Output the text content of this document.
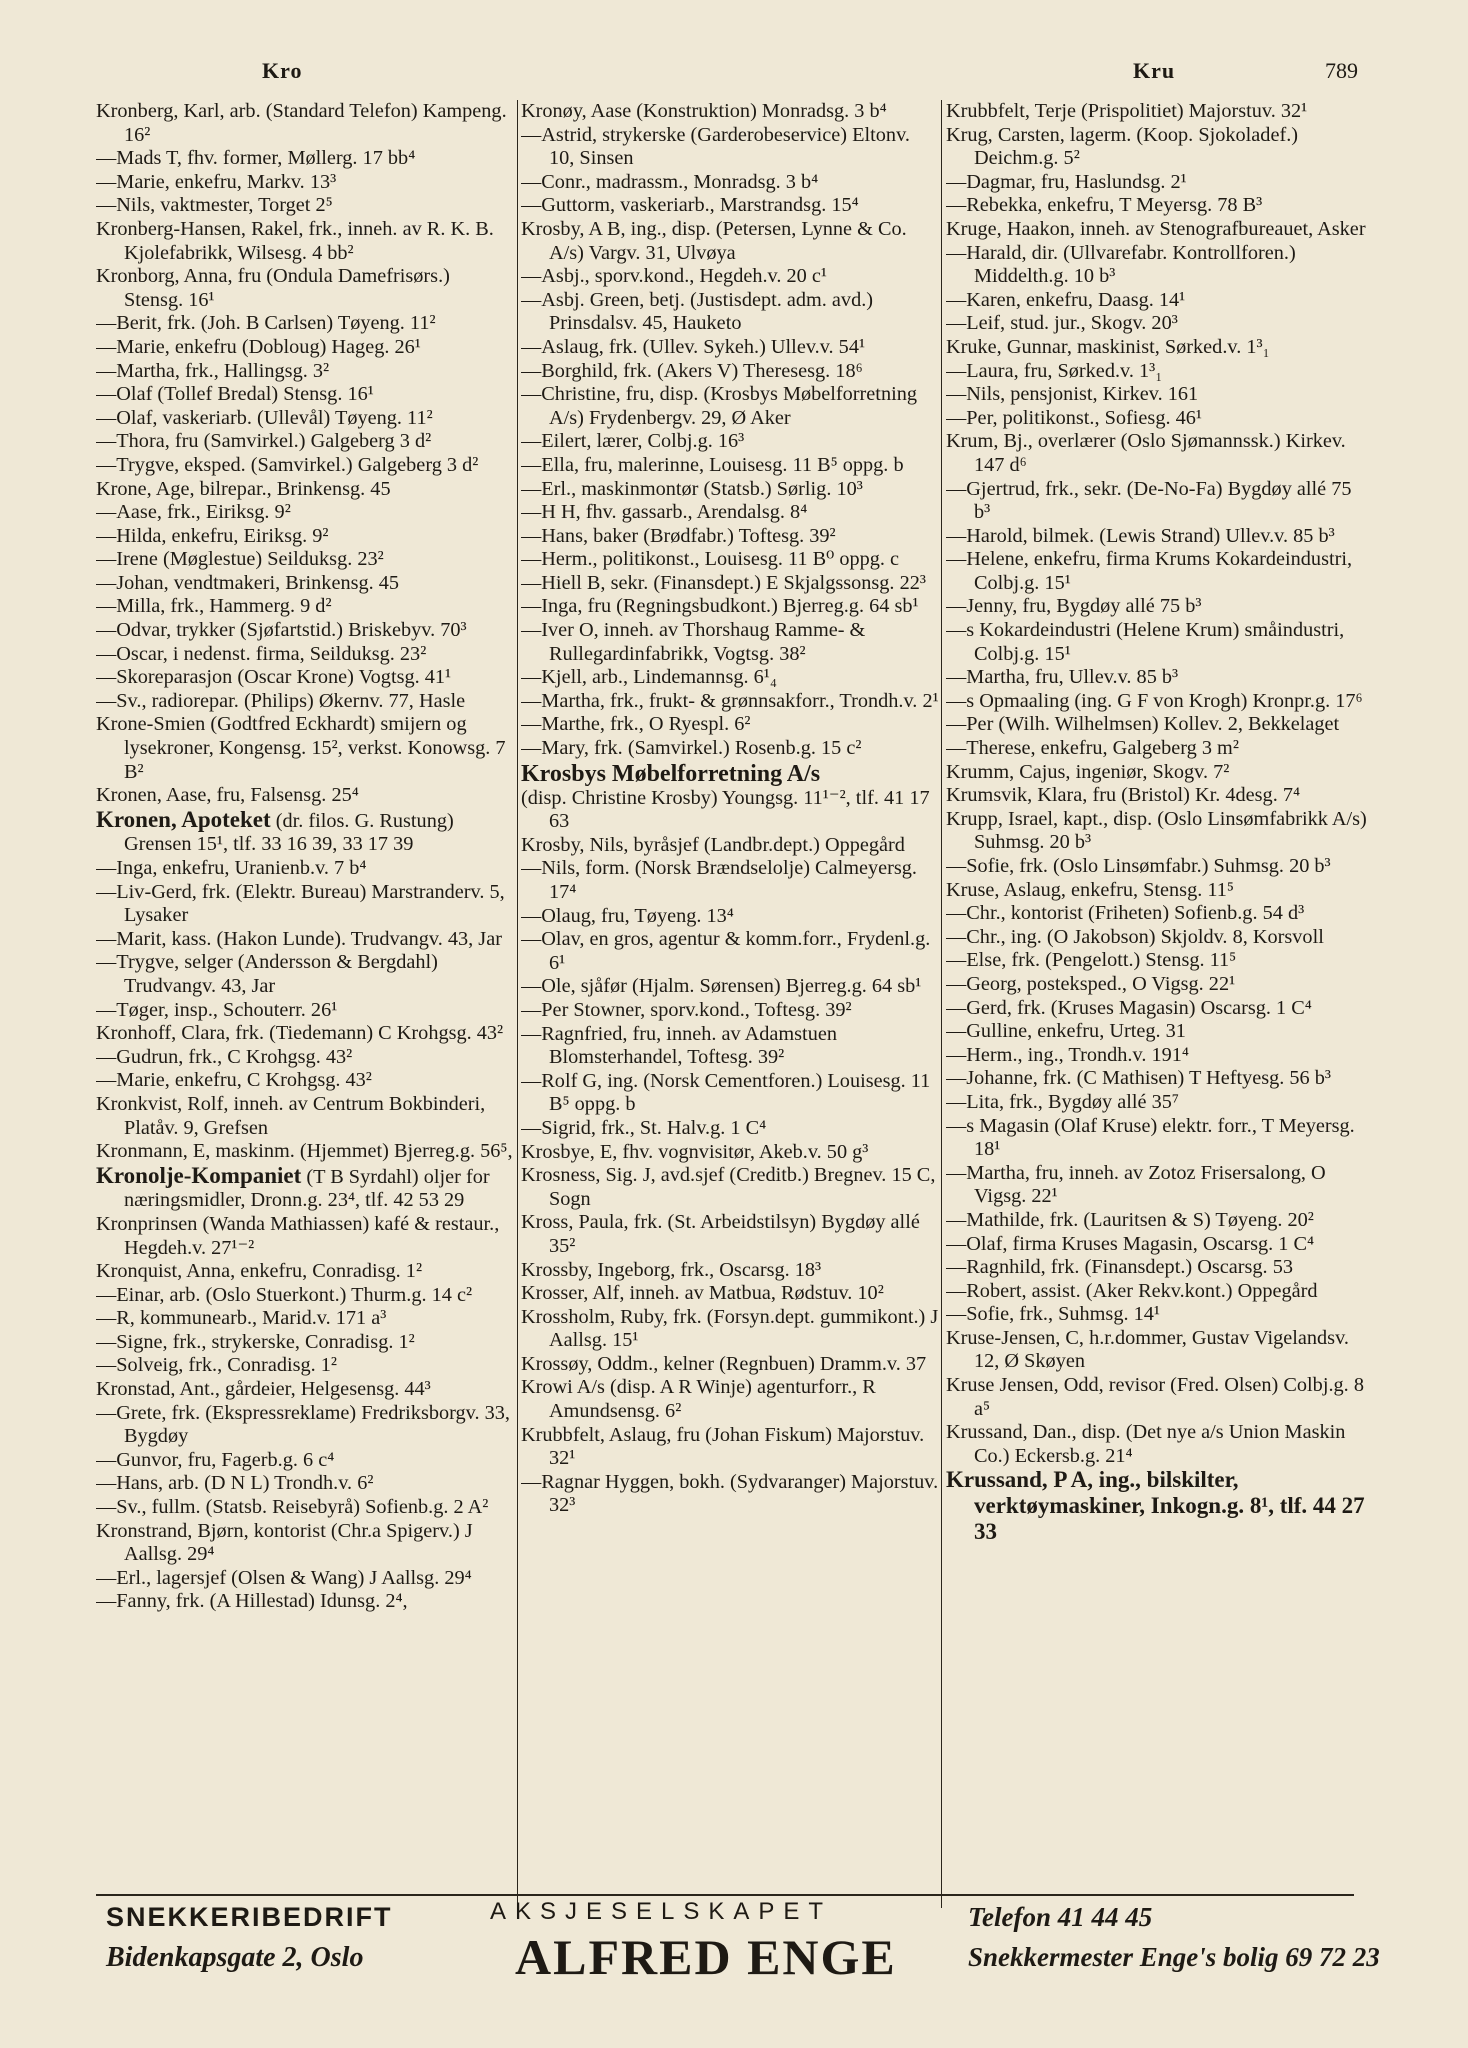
Kro	Kru	789
Kronberg, Karl, arb. (Standard Telefon) Kampeng. 16²
—Mads T, fhv. former, Møllerg. 17 bb⁴
—Marie, enkefru, Markv. 13³
—Nils, vaktmester, Torget 2⁵
Kronberg-Hansen, Rakel, frk., inneh. av R. K. B. Kjolefabrikk, Wilsesg. 4 bb²
Kronborg, Anna, fru (Ondula Damefrisørs.) Stensg. 16¹
—Berit, frk. (Joh. B Carlsen) Tøyeng. 11²
—Marie, enkefru (Dobloug) Hageg. 26¹
—Martha, frk., Hallingsg. 3²
—Olaf (Tollef Bredal) Stensg. 16¹
—Olaf, vaskeriarb. (Ullevål) Tøyeng. 11²
—Thora, fru (Samvirkel.) Galgeberg 3 d²
—Trygve, eksped. (Samvirkel.) Galgeberg 3 d²
Krone, Age, bilrepar., Brinkensg. 45
—Aase, frk., Eiriksg. 9²
—Hilda, enkefru, Eiriksg. 9²
—Irene (Møglestue) Seilduksg. 23²
—Johan, vendtmakeri, Brinkensg. 45
—Milla, frk., Hammerg. 9 d²
—Odvar, trykker (Sjøfartstid.) Briskebyv. 70³
—Oscar, i nedenst. firma, Seilduksg. 23²
—Skoreparasjon (Oscar Krone) Vogtsg. 41¹
—Sv., radiorepar. (Philips) Økernv. 77, Hasle
Krone-Smien (Godtfred Eckhardt) smijern og lysekroner, Kongensg. 15², verkst. Konowsg. 7 B²
Kronen, Aase, fru, Falsensg. 25⁴
Kronen, Apoteket (dr. filos. G. Rustung) Grensen 15¹, tlf. 33 16 39, 33 17 39
—Inga, enkefru, Uranienb.v. 7 b⁴
—Liv-Gerd, frk. (Elektr. Bureau) Marstranderv. 5, Lysaker
—Marit, kass. (Hakon Lunde). Trudvangv. 43, Jar
—Trygve, selger (Andersson & Bergdahl) Trudvangv. 43, Jar
—Tøger, insp., Schouterr. 26¹
Kronhoff, Clara, frk. (Tiedemann) C Krohgsg. 43²
—Gudrun, frk., C Krohgsg. 43²
—Marie, enkefru, C Krohgsg. 43²
Kronkvist, Rolf, inneh. av Centrum Bokbinderi, Platåv. 9, Grefsen
Kronmann, E, maskinm. (Hjemmet) Bjerreg.g. 56⁵,
Kronolje-Kompaniet (T B Syrdahl) oljer for næringsmidler, Dronn.g. 23⁴, tlf. 42 53 29
Kronprinsen (Wanda Mathiassen) kafé & restaur., Hegdeh.v. 27¹⁻²
Kronquist, Anna, enkefru, Conradisg. 1²
—Einar, arb. (Oslo Stuerkont.) Thurm.g. 14 c²
—R, kommunearb., Marid.v. 171 a³
—Signe, frk., strykerske, Conradisg. 1²
—Solveig, frk., Conradisg. 1²
Kronstad, Ant., gårdeier, Helgesensg. 44³
—Grete, frk. (Ekspressreklame) Fredriksborgv. 33, Bygdøy
—Gunvor, fru, Fagerb.g. 6 c⁴
—Hans, arb. (D N L) Trondh.v. 6²
—Sv., fullm. (Statsb. Reisebyrå) Sofienb.g. 2 A²
Kronstrand, Bjørn, kontorist (Chr.a Spigerv.) J Aallsg. 29⁴
—Erl., lagersjef (Olsen & Wang) J Aallsg. 29⁴
—Fanny, frk. (A Hillestad) Idunsg. 2⁴,
Kronøy, Aase (Konstruktion) Monradsg. 3 b⁴
—Astrid, strykerske (Garderobeservice) Eltonv. 10, Sinsen
—Conr., madrassm., Monradsg. 3 b⁴
—Guttorm, vaskeriarb., Marstrandsg. 15⁴
Krosby, A B, ing., disp. (Petersen, Lynne & Co. A/s) Vargv. 31, Ulvøya
—Asbj., sporv.kond., Hegdeh.v. 20 c¹
—Asbj. Green, betj. (Justisdept. adm. avd.) Prinsdalsv. 45, Hauketo
—Aslaug, frk. (Ullev. Sykeh.) Ullev.v. 54¹
—Borghild, frk. (Akers V) Theresesg. 18⁶
—Christine, fru, disp. (Krosbys Møbelforretning A/s) Frydenbergv. 29, Ø Aker
—Eilert, lærer, Colbj.g. 16³
—Ella, fru, malerinne, Louisesg. 11 B⁵ oppg. b
—Erl., maskinmontør (Statsb.) Sørlig. 10³
—H H, fhv. gassarb., Arendalsg. 8⁴
—Hans, baker (Brødfabr.) Toftesg. 39²
—Herm., politikonst., Louisesg. 11 B⁰ oppg. c
—Hiell B, sekr. (Finansdept.) E Skjalgssonsg. 22³
—Inga, fru (Regningsbudkont.) Bjerreg.g. 64 sb¹
—Iver O, inneh. av Thorshaug Ramme- & Rullegardinfabrikk, Vogtsg. 38²
—Kjell, arb., Lindemannsg. 6¹₄
—Martha, frk., frukt- & grønnsakforr., Trondh.v. 2¹
—Marthe, frk., O Ryespl. 6²
—Mary, frk. (Samvirkel.) Rosenb.g. 15 c²
Krosbys Møbelforretning A/s
(disp. Christine Krosby) Youngsg. 11¹⁻², tlf. 41 17 63
Krosby, Nils, byråsjef (Landbr.dept.) Oppegård
—Nils, form. (Norsk Brændselolje) Calmeyersg. 17⁴
—Olaug, fru, Tøyeng. 13⁴
—Olav, en gros, agentur & komm.forr., Frydenl.g. 6¹
—Ole, sjåfør (Hjalm. Sørensen) Bjerreg.g. 64 sb¹
—Per Stowner, sporv.kond., Toftesg. 39²
—Ragnfried, fru, inneh. av Adamstuen Blomsterhandel, Toftesg. 39²
—Rolf G, ing. (Norsk Cementforen.) Louisesg. 11 B⁵ oppg. b
—Sigrid, frk., St. Halv.g. 1 C⁴
Krosbye, E, fhv. vognvisitør, Akeb.v. 50 g³
Krosness, Sig. J, avd.sjef (Creditb.) Bregnev. 15 C, Sogn
Kross, Paula, frk. (St. Arbeidstilsyn) Bygdøy allé 35²
Krossby, Ingeborg, frk., Oscarsg. 18³
Krosser, Alf, inneh. av Matbua, Rødstuv. 10²
Krossholm, Ruby, frk. (Forsyn.dept. gummikont.) J Aallsg. 15¹
Krossøy, Oddm., kelner (Regnbuen) Dramm.v. 37
Krowi A/s (disp. A R Winje) agenturforr., R Amundsensg. 6²
Krubbfelt, Aslaug, fru (Johan Fiskum) Majorstuv. 32¹
—Ragnar Hyggen, bokh. (Sydvaranger) Majorstuv. 32³
Krubbfelt, Terje (Prispolitiet) Majorstuv. 32¹
Krug, Carsten, lagerm. (Koop. Sjokoladef.) Deichm.g. 5²
—Dagmar, fru, Haslundsg. 2¹
—Rebekka, enkefru, T Meyersg. 78 B³
Kruge, Haakon, inneh. av Stenografbureauet, Asker
—Harald, dir. (Ullvarefabr. Kontrollforen.) Middelth.g. 10 b³
—Karen, enkefru, Daasg. 14¹
—Leif, stud. jur., Skogv. 20³
Kruke, Gunnar, maskinist, Sørked.v. 1³₁
—Laura, fru, Sørked.v. 1³₁
—Nils, pensjonist, Kirkev. 161
—Per, politikonst., Sofiesg. 46¹
Krum, Bj., overlærer (Oslo Sjømannssk.) Kirkev. 147 d⁶
—Gjertrud, frk., sekr. (De-No-Fa) Bygdøy allé 75 b³
—Harold, bilmek. (Lewis Strand) Ullev.v. 85 b³
—Helene, enkefru, firma Krums Kokardeindustri, Colbj.g. 15¹
—Jenny, fru, Bygdøy allé 75 b³
—s Kokardeindustri (Helene Krum) småindustri, Colbj.g. 15¹
—Martha, fru, Ullev.v. 85 b³
—s Opmaaling (ing. G F von Krogh) Kronpr.g. 17⁶
—Per (Wilh. Wilhelmsen) Kollev. 2, Bekkelaget
—Therese, enkefru, Galgeberg 3 m²
Krumm, Cajus, ingeniør, Skogv. 7²
Krumsvik, Klara, fru (Bristol) Kr. 4desg. 7⁴
Krupp, Israel, kapt., disp. (Oslo Linsømfabrikk A/s) Suhmsg. 20 b³
—Sofie, frk. (Oslo Linsømfabr.) Suhmsg. 20 b³
Kruse, Aslaug, enkefru, Stensg. 11⁵
—Chr., kontorist (Friheten) Sofienb.g. 54 d³
—Chr., ing. (O Jakobson) Skjoldv. 8, Korsvoll
—Else, frk. (Pengelott.) Stensg. 11⁵
—Georg, posteksped., O Vigsg. 22¹
—Gerd, frk. (Kruses Magasin) Oscarsg. 1 C⁴
—Gulline, enkefru, Urteg. 31
—Herm., ing., Trondh.v. 191⁴
—Johanne, frk. (C Mathisen) T Heftyesg. 56 b³
—Lita, frk., Bygdøy allé 35⁷
—s Magasin (Olaf Kruse) elektr. forr., T Meyersg. 18¹
—Martha, fru, inneh. av Zotoz Frisersalong, O Vigsg. 22¹
—Mathilde, frk. (Lauritsen & S) Tøyeng. 20²
—Olaf, firma Kruses Magasin, Oscarsg. 1 C⁴
—Ragnhild, frk. (Finansdept.) Oscarsg. 53
—Robert, assist. (Aker Rekv.kont.) Oppegård
—Sofie, frk., Suhmsg. 14¹
Kruse-Jensen, C, h.r.dommer, Gustav Vigelandsv. 12, Ø Skøyen
Kruse Jensen, Odd, revisor (Fred. Olsen) Colbj.g. 8 a⁵
Krussand, Dan., disp. (Det nye a/s Union Maskin Co.) Eckersb.g. 21⁴
Krussand, P A, ing., bilskilter, verktøymaskiner, Inkogn.g. 8¹, tlf. 44 27 33
SNEKKERIBEDRIFT
Bidenkapsgate 2, Oslo
AKSJESELSKAPET
ALFRED ENGE
Telefon 41 44 45
Snekkermester Enge's bolig 69 72 23
